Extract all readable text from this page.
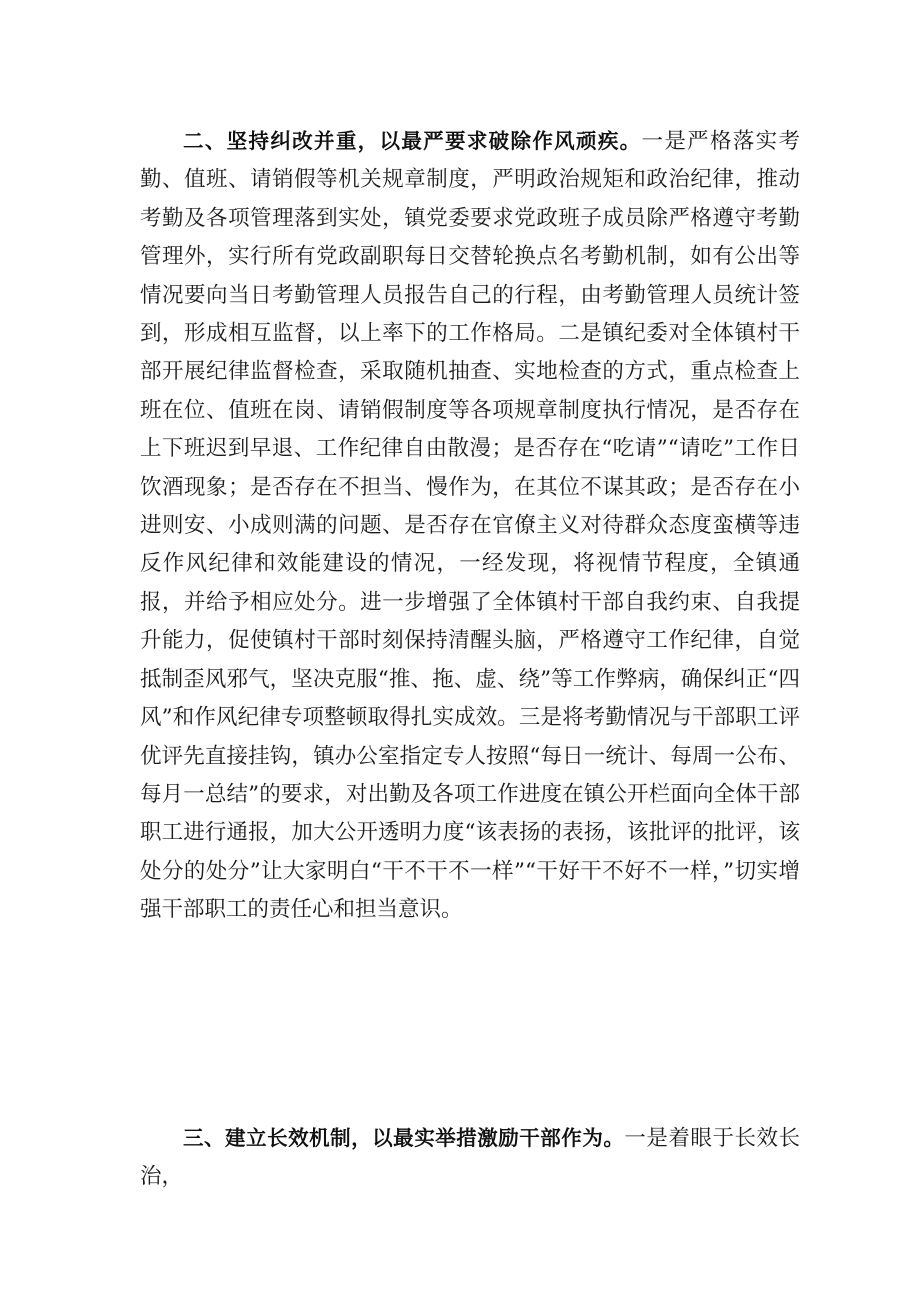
二、坚持纠改并重，以最严要求破除作风顽疾。一是严格落实考勤、值班、请销假等机关规章制度，严明政治规矩和政治纪律，推动考勤及各项管理落到实处，镇党委要求党政班子成员除严格遵守考勤管理外，实行所有党政副职每日交替轮换点名考勤机制，如有公出等情况要向当日考勤管理人员报告自己的行程，由考勤管理人员统计签到，形成相互监督，以上率下的工作格局。二是镇纪委对全体镇村干部开展纪律监督检查，采取随机抽查、实地检查的方式，重点检查上班在位、值班在岗、请销假制度等各项规章制度执行情况，是否存在上下班迟到早退、工作纪律自由散漫；是否存在“吃请”“请吃”工作日饮酒现象；是否存在不担当、慢作为，在其位不谋其政；是否存在小进则安、小成则满的问题、是否存在官僚主义对待群众态度蛮横等违反作风纪律和效能建设的情况，一经发现，将视情节程度，全镇通报，并给予相应处分。进一步增强了全体镇村干部自我约束、自我提升能力，促使镇村干部时刻保持清醒头脑，严格遵守工作纪律，自觉抵制歪风邪气，坚决克服“推、拖、虚、绕”等工作弊病，确保纠正“四风”和作风纪律专项整顿取得扎实成效。三是将考勤情况与干部职工评优评先直接挂钩，镇办公室指定专人按照“每日一统计、每周一公布、每月一总结”的要求，对出勤及各项工作进度在镇公开栏面向全体干部职工进行通报，加大公开透明力度“该表扬的表扬，该批评的批评，该处分的处分”让大家明白“干不干不一样”“干好干不好不一样，”切实增强干部职工的责任心和担当意识。

三、建立长效机制，以最实举措激励干部作为。一是着眼于长效长治，
